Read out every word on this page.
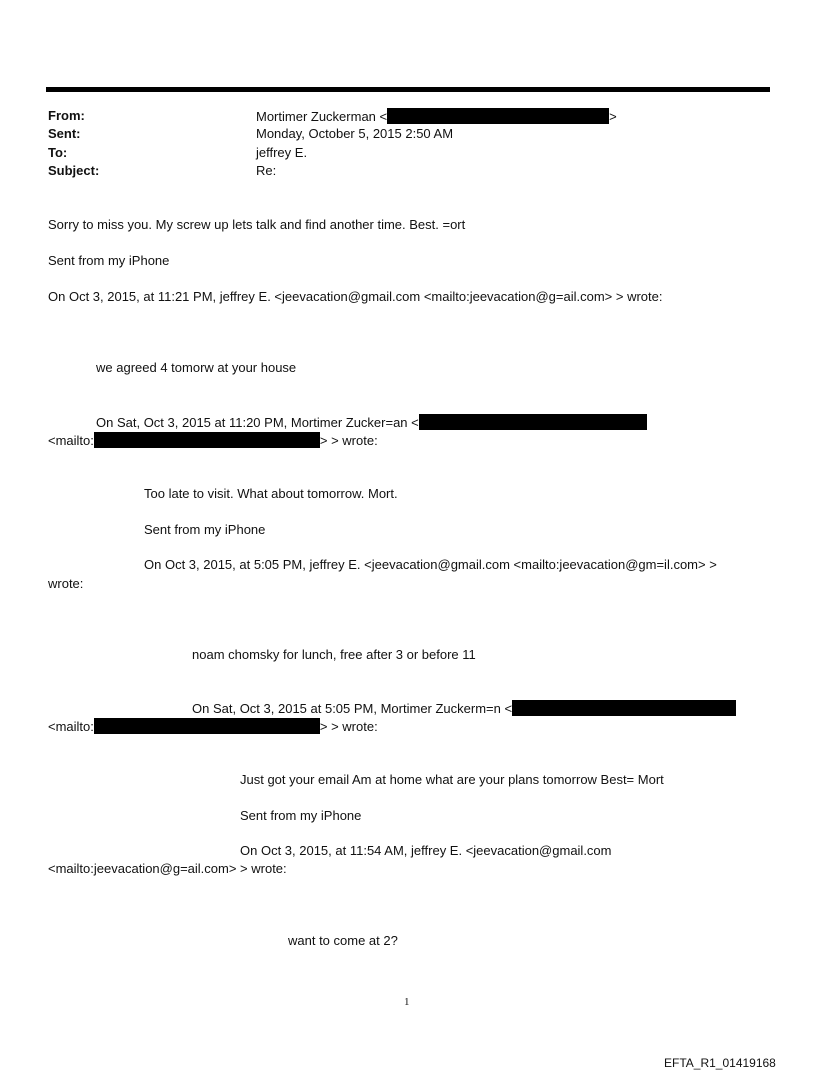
From:	Mortimer Zuckerman <	>
Sent:	Monday, October 5, 2015 2:50 AM
To:	jeffrey E.
Subject:	Re:
Sorry to miss you. My screw up lets talk and find another time. Best. =ort
Sent from my iPhone
On Oct 3, 2015, at 11:21 PM, jeffrey E. <jeevacation@gmail.com <mailto:jeevacation@g=ail.com> > wrote:
we agreed 4 tomorw at your house
On Sat, Oct 3, 2015 at 11:20 PM, Mortimer Zucker=an <
<mailto:	> > wrote:
Too late to visit. What about tomorrow. Mort.
Sent from my iPhone
On Oct 3, 2015, at 5:05 PM, jeffrey E. <jeevacation@gmail.com <mailto:jeevacation@gm=il.com> >
wrote:
noam chomsky for lunch, free after 3 or before 11
On Sat, Oct 3, 2015 at 5:05 PM, Mortimer Zuckerm=n <
<mailto:	> > wrote:
Just got your email Am at home what are your plans tomorrow Best= Mort
Sent from my iPhone
On Oct 3, 2015, at 11:54 AM, jeffrey E. <jeevacation@gmail.com
<mailto:jeevacation@g=ail.com> > wrote:
want to come at 2?
1
EFTA_R1_01419168
